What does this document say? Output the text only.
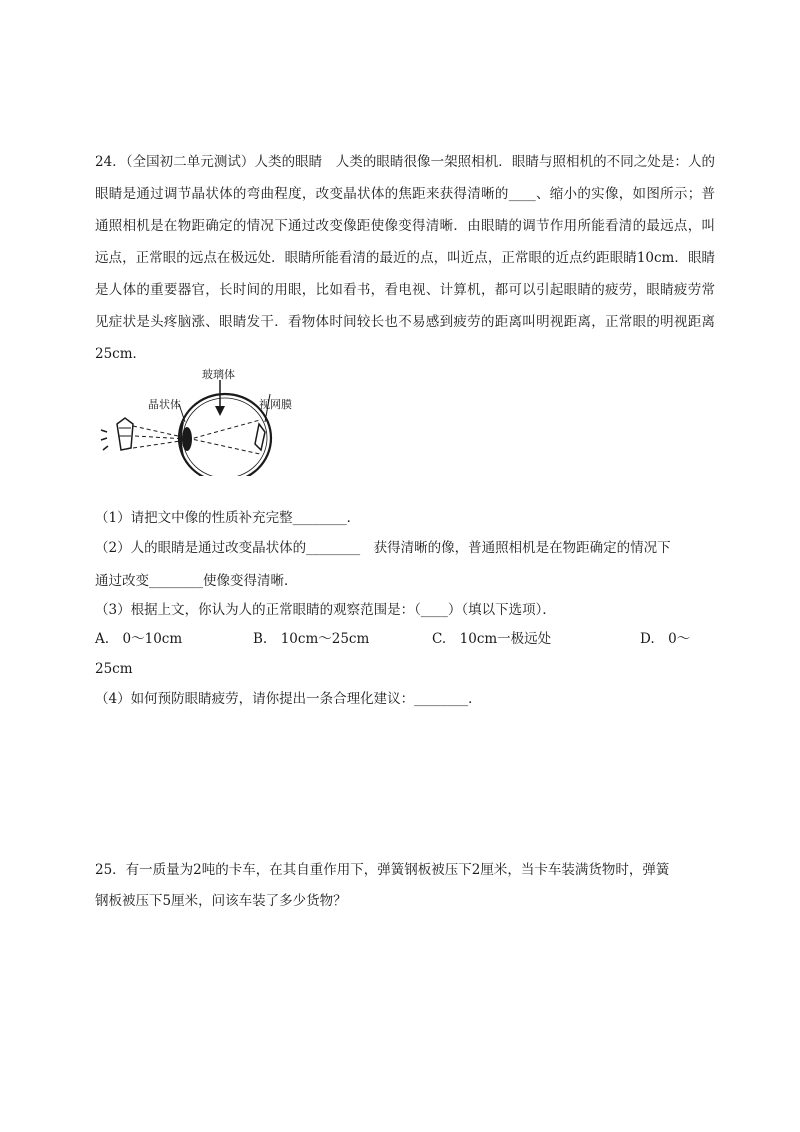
24．（全国初二单元测试）人类的眼睛　人类的眼睛很像一架照相机．眼睛与照相机的不同之处是：人的眼睛是通过调节晶状体的弯曲程度，改变晶状体的焦距来获得清晰的____、缩小的实像，如图所示；普通照相机是在物距确定的情况下通过改变像距使像变得清晰．由眼睛的调节作用所能看清的最远点，叫远点，正常眼的远点在极远处．眼睛所能看清的最近的点，叫近点，正常眼的近点约距眼睛10cm．眼睛是人体的重要器官，长时间的用眼，比如看书，看电视、计算机，都可以引起眼睛的疲劳，眼睛疲劳常见症状是头疼脑涨、眼睛发干．看物体时间较长也不易感到疲劳的距离叫明视距离，正常眼的明视距离25cm．
玻璃体
晶状体	视网膜
（1）请把文中像的性质补充完整________．
（2）人的眼睛是通过改变晶状体的________　获得清晰的像，普通照相机是在物距确定的情况下
通过改变________使像变得清晰．
（3）根据上文，你认为人的正常眼睛的观察范围是：（____）（填以下选项）．
A.　0～10cm	B.　10cm～25cm	C.　10cm一极远处	D.　0～
25cm
（4）如何预防眼睛疲劳，请你提出一条合理化建议：________．
25．有一质量为2吨的卡车，在其自重作用下，弹簧钢板被压下2厘米，当卡车装满货物时，弹簧
钢板被压下5厘米，问该车装了多少货物？
